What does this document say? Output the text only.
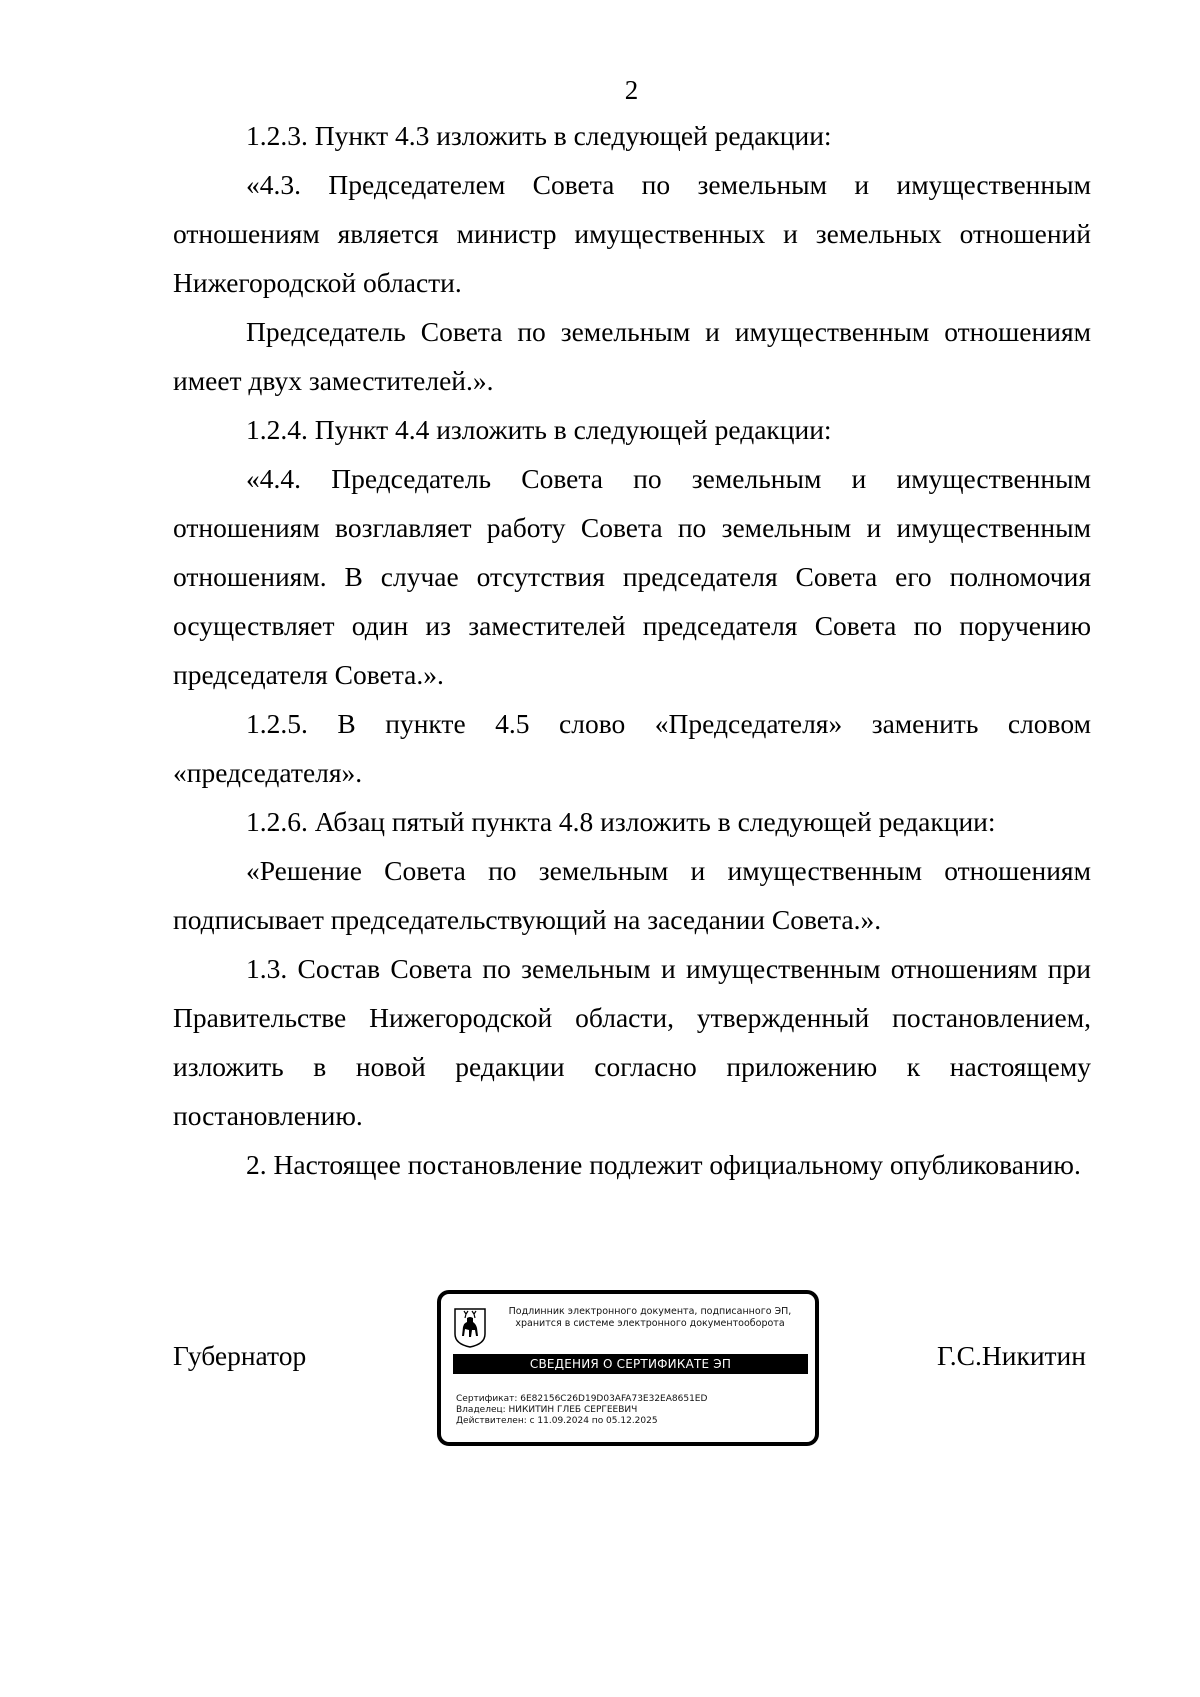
2

1.2.3. Пункт 4.3 изложить в следующей редакции:

«4.3. Председателем Совета по земельным и имущественным отношениям является министр имущественных и земельных отношений Нижегородской области.

Председатель Совета по земельным и имущественным отношениям имеет двух заместителей.».

1.2.4. Пункт 4.4 изложить в следующей редакции:

«4.4. Председатель Совета по земельным и имущественным отношениям возглавляет работу Совета по земельным и имущественным отношениям. В случае отсутствия председателя Совета его полномочия осуществляет один из заместителей председателя Совета по поручению председателя Совета.».

1.2.5. В пункте 4.5 слово «Председателя» заменить словом «председателя».

1.2.6. Абзац пятый пункта 4.8 изложить в следующей редакции:

«Решение Совета по земельным и имущественным отношениям подписывает председательствующий на заседании Совета.».

1.3. Состав Совета по земельным и имущественным отношениям при Правительстве Нижегородской области, утвержденный постановлением, изложить в новой редакции согласно приложению к настоящему постановлению.

2. Настоящее постановление подлежит официальному опубликованию.

Губернатор
Подлинник электронного документа, подписанного ЭП,
хранится в системе электронного документооборота
СВЕДЕНИЯ О СЕРТИФИКАТЕ ЭП
Сертификат: 6E82156C26D19D03AFA73E32EA8651ED
Владелец: НИКИТИН ГЛЕБ СЕРГЕЕВИЧ
Действителен: с 11.09.2024 по 05.12.2025
Г.С.Никитин
